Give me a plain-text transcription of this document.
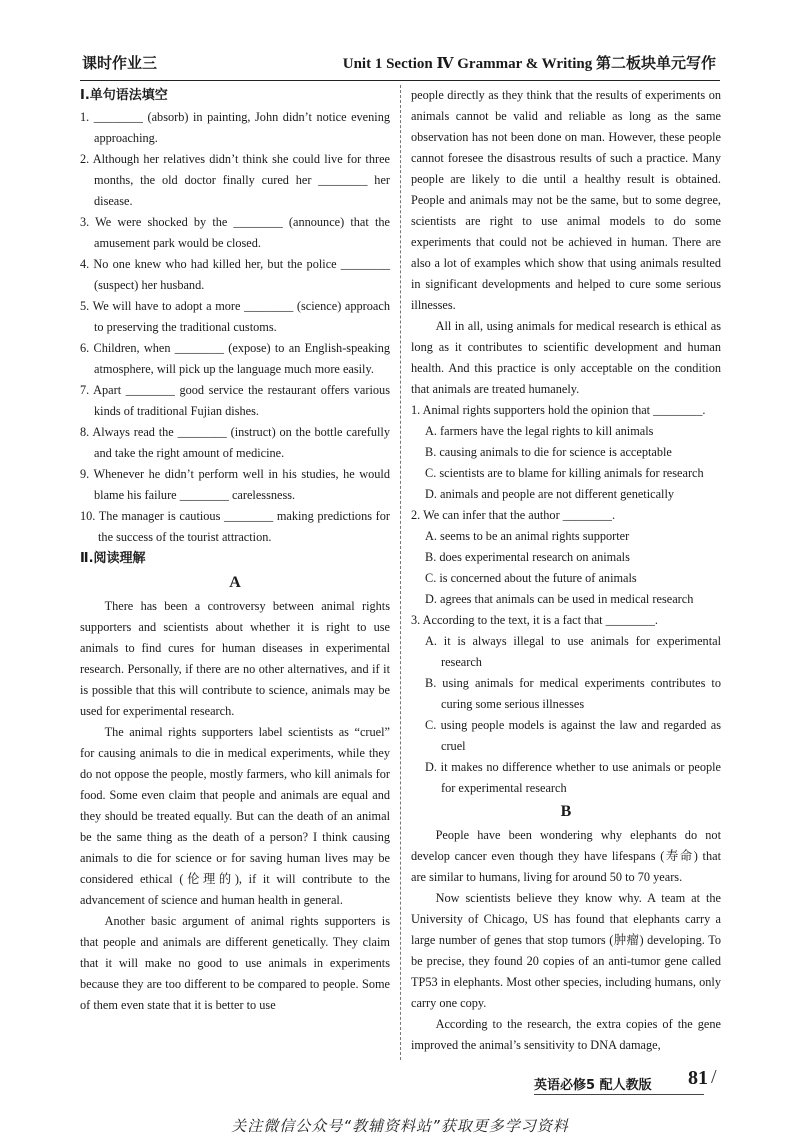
课时作业三	Unit 1 Section Ⅳ Grammar & Writing 第二板块单元写作
Ⅰ.单句语法填空

1. ________ (absorb) in painting, John didn’t notice evening approaching.

2. Although her relatives didn’t think she could live for three months, the old doctor finally cured her ________ her disease.

3. We were shocked by the ________ (announce) that the amusement park would be closed.

4. No one knew who had killed her, but the police ________ (suspect) her husband.

5. We will have to adopt a more ________ (science) approach to preserving the traditional customs.

6. Children, when ________ (expose) to an English-speaking atmosphere, will pick up the language much more easily.

7. Apart ________ good service the restaurant offers various kinds of traditional Fujian dishes.

8. Always read the ________ (instruct) on the bottle carefully and take the right amount of medicine.

9. Whenever he didn’t perform well in his studies, he would blame his failure ________ carelessness.

10. The manager is cautious ________ making predictions for the success of the tourist attraction.

Ⅱ.阅读理解
A

There has been a controversy between animal rights supporters and scientists about whether it is right to use animals to find cures for human diseases in experimental research. Personally, if there are no other alternatives, and if it is possible that this will contribute to science, animals may be used for experimental research.

The animal rights supporters label scientists as “cruel” for causing animals to die in medical experiments, while they do not oppose the people, mostly farmers, who kill animals for food. Some even claim that people and animals are equal and they should be treated equally. But can the death of an animal be the same thing as the death of a person? I think causing animals to die for science or for saving human lives may be considered ethical (伦理的), if it will contribute to the advancement of science and human health in general.

Another basic argument of animal rights supporters is that people and animals are different genetically. They claim that it will make no good to use animals in experiments because they are too different to be compared to people. Some of them even state that it is better to use

people directly as they think that the results of experiments on animals cannot be valid and reliable as long as the same observation has not been done on man. However, these people cannot foresee the disastrous results of such a practice. Many people are likely to die until a healthy result is obtained. People and animals may not be the same, but to some degree, scientists are right to use animal models to do some experiments that could not be achieved in human. There are also a lot of examples which show that using animals resulted in significant developments and helped to cure some serious illnesses.

All in all, using animals for medical research is ethical as long as it contributes to scientific development and human health. And this practice is only acceptable on the condition that animals are treated humanely.

1. Animal rights supporters hold the opinion that ________.

A. farmers have the legal rights to kill animals

B. causing animals to die for science is acceptable

C. scientists are to blame for killing animals for research

D. animals and people are not different genetically

2. We can infer that the author ________.

A. seems to be an animal rights supporter

B. does experimental research on animals

C. is concerned about the future of animals

D. agrees that animals can be used in medical research

3. According to the text, it is a fact that ________.

A. it is always illegal to use animals for experimental research

B. using animals for medical experiments contributes to curing some serious illnesses

C. using people models is against the law and regarded as cruel

D. it makes no difference whether to use animals or people for experimental research

B

People have been wondering why elephants do not develop cancer even though they have lifespans (寿命) that are similar to humans, living for around 50 to 70 years.

Now scientists believe they know why. A team at the University of Chicago, US has found that elephants carry a large number of genes that stop tumors (肿瘤) developing. To be precise, they found 20 copies of an anti-tumor gene called TP53 in elephants. Most other species, including humans, only carry one copy.

According to the research, the extra copies of the gene improved the animal’s sensitivity to DNA damage,

英语必修5 配人教版 81 /
关注微信公众号“教辅资料站”获取更多学习资料
